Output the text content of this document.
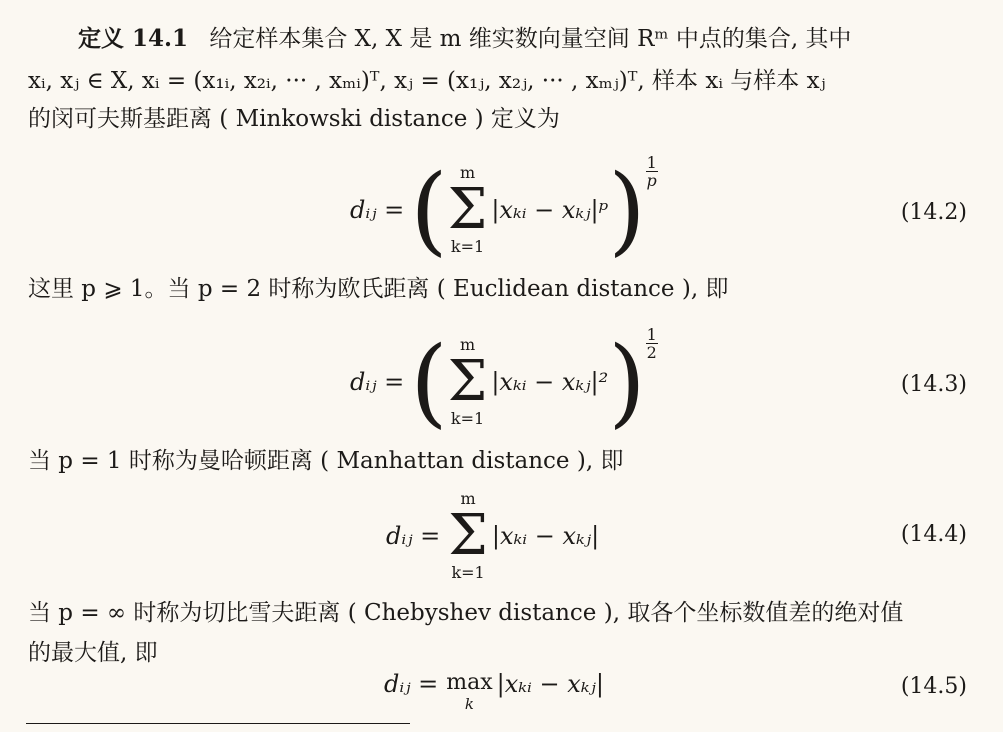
定义 14.1 给定样本集合 X, X 是 m 维实数向量空间 Rᵐ 中点的集合, 其中
xᵢ, xⱼ ∈ X, xᵢ = (x₁ᵢ, x₂ᵢ, ··· , xₘᵢ)ᵀ, xⱼ = (x₁ⱼ, x₂ⱼ, ··· , xₘⱼ)ᵀ, 样本 xᵢ 与样本 xⱼ
的闵可夫斯基距离 ( Minkowski distance ) 定义为
dᵢⱼ = ( m
Σ
k=1
|xₖᵢ − xₖⱼ|ᵖ ) $\frac{1}{p}$
(14.2)
这里 p ⩾ 1。当 p = 2 时称为欧氏距离 ( Euclidean distance ), 即
dᵢⱼ = ( m
Σ
k=1
|xₖᵢ − xₖⱼ|² ) $\frac{1}{2}$
(14.3)
当 p = 1 时称为曼哈顿距离 ( Manhattan distance ), 即
dᵢⱼ =
m
Σ
k=1
|xₖᵢ − xₖⱼ|	(14.4)
当 p = ∞ 时称为切比雪夫距离 ( Chebyshev distance ), 取各个坐标数值差的绝对值
的最大值, 即
dᵢⱼ = max
k
|xₖᵢ − xₖⱼ|	(14.5)
